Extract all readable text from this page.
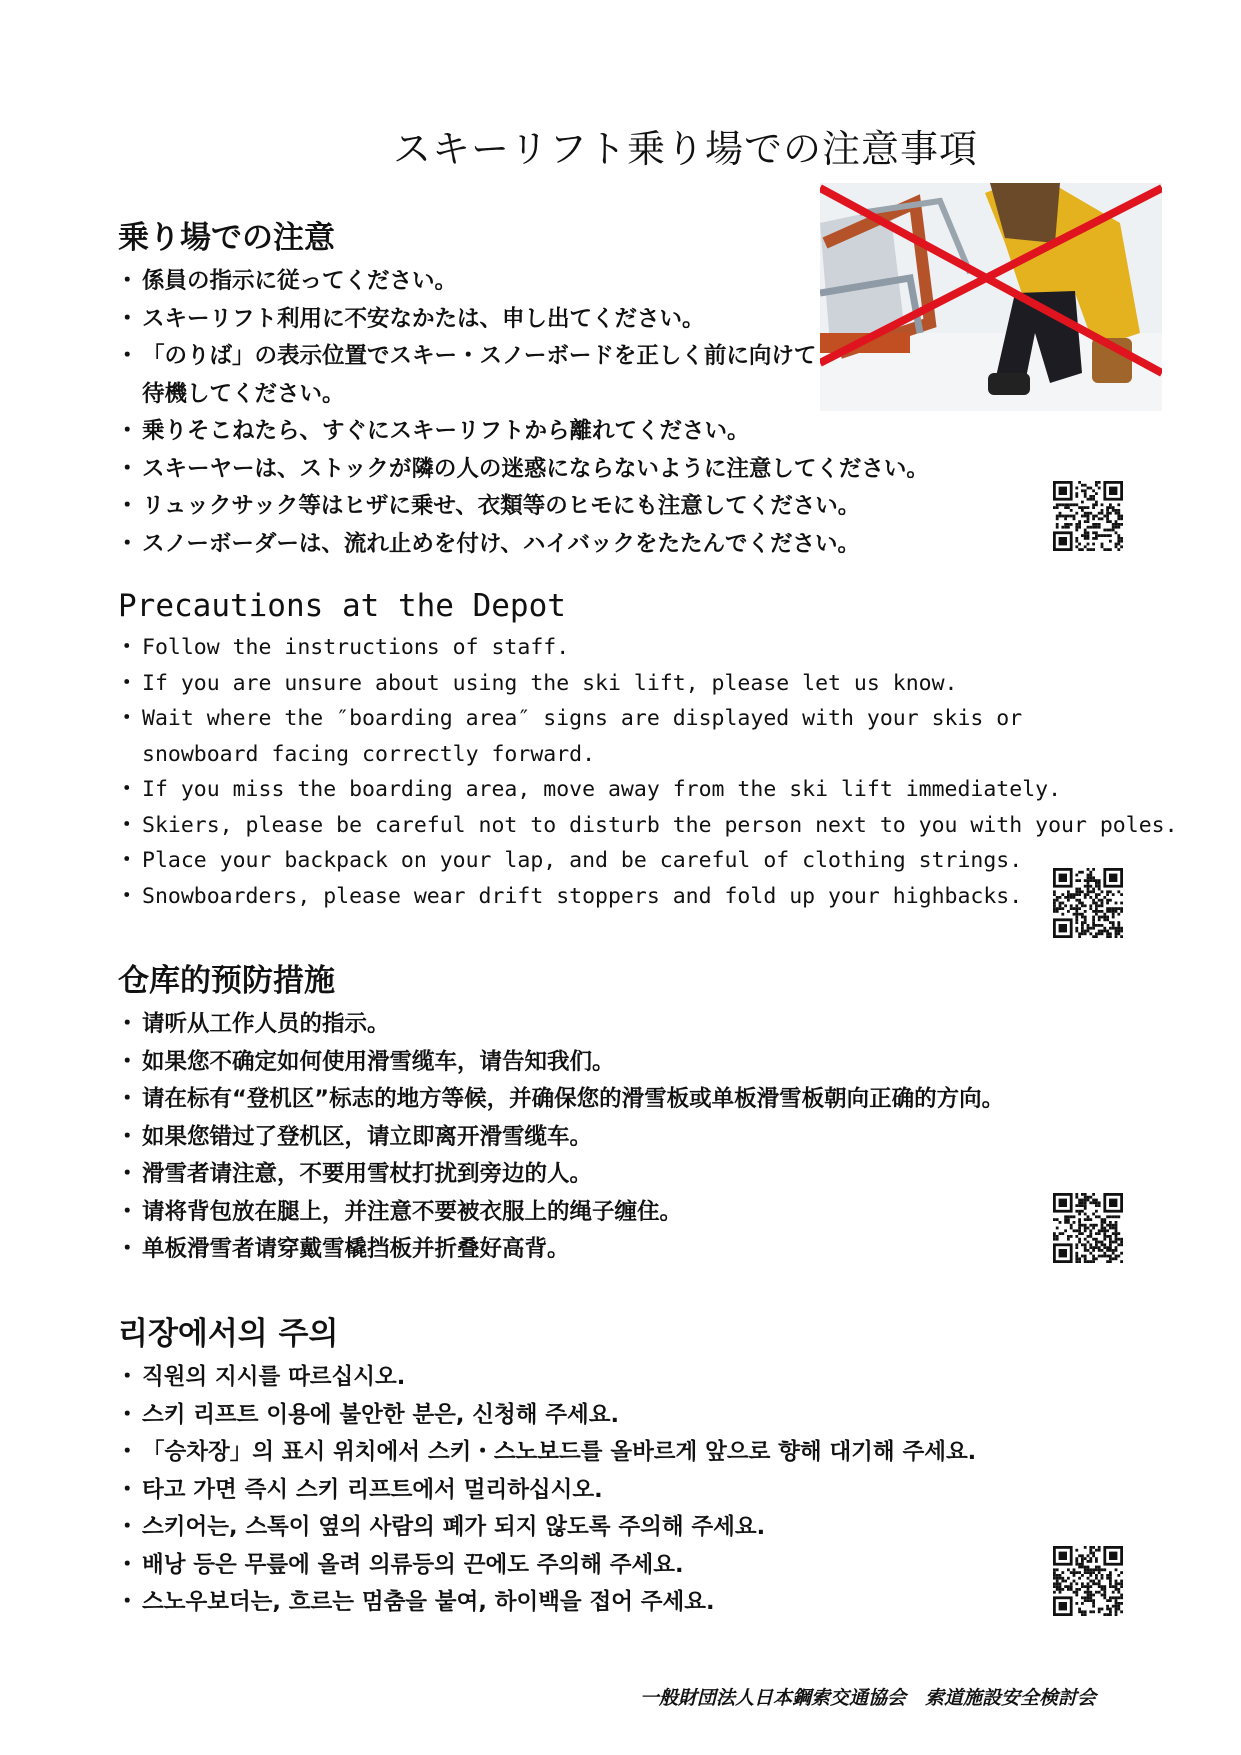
スキーリフト乗り場での注意事項
乗り場での注意
・ 係員の指示に従ってください。
・ スキーリフト利用に不安なかたは、申し出てください。
・ 「のりば」の表示位置でスキー・スノーボードを正しく前に向けて待機してください。
・ 乗りそこねたら、すぐにスキーリフトから離れてください。
・ スキーヤーは、ストックが隣の人の迷惑にならないように注意してください。
・ リュックサック等はヒザに乗せ、衣類等のヒモにも注意してください。
・ スノーボーダーは、流れ止めを付け、ハイバックをたたんでください。
Precautions at the Depot
・ Follow the instructions of staff.
・ If you are unsure about using the ski lift, please let us know.
・ Wait where the ″boarding area″ signs are displayed with your skis or snowboard facing correctly forward.
・ If you miss the boarding area, move away from the ski lift immediately.
・ Skiers, please be careful not to disturb the person next to you with your poles.
・ Place your backpack on your lap, and be careful of clothing strings.
・ Snowboarders, please wear drift stoppers and fold up your highbacks.
仓库的预防措施
・ 请听从工作人员的指示。
・ 如果您不确定如何使用滑雪缆车，请告知我们。
・ 请在标有“登机区”标志的地方等候，并确保您的滑雪板或单板滑雪板朝向正确的方向。
・ 如果您错过了登机区，请立即离开滑雪缆车。
・ 滑雪者请注意，不要用雪杖打扰到旁边的人。
・ 请将背包放在腿上，并注意不要被衣服上的绳子缠住。
・ 单板滑雪者请穿戴雪橇挡板并折叠好高背。
리장에서의 주의
・ 직원의 지시를 따르십시오.
・ 스키 리프트 이용에 불안한 분은, 신청해 주세요.
・ 「승차장」의 표시 위치에서 스키・스노보드를 올바르게 앞으로 향해 대기해 주세요.
・ 타고 가면 즉시 스키 리프트에서 멀리하십시오.
・ 스키어는, 스톡이 옆의 사람의 폐가 되지 않도록 주의해 주세요.
・ 배낭 등은 무릎에 올려 의류등의 끈에도 주의해 주세요.
・ 스노우보더는, 흐르는 멈춤을 붙여, 하이백을 접어 주세요.
一般財団法人日本鋼索交通協会　索道施設安全検討会
